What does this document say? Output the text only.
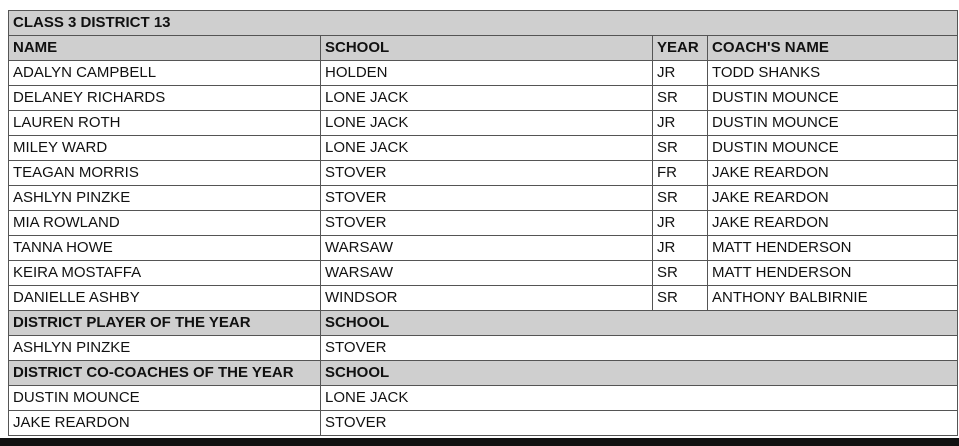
CLASS 3 DISTRICT 13			
NAME	SCHOOL	YEAR	COACH'S NAME
ADALYN CAMPBELL	HOLDEN	JR	TODD SHANKS
DELANEY RICHARDS	LONE JACK	SR	DUSTIN MOUNCE
LAUREN ROTH	LONE JACK	JR	DUSTIN MOUNCE
MILEY WARD	LONE JACK	SR	DUSTIN MOUNCE
TEAGAN MORRIS	STOVER	FR	JAKE REARDON
ASHLYN PINZKE	STOVER	SR	JAKE REARDON
MIA ROWLAND	STOVER	JR	JAKE REARDON
TANNA HOWE	WARSAW	JR	MATT HENDERSON
KEIRA MOSTAFFA	WARSAW	SR	MATT HENDERSON
DANIELLE ASHBY	WINDSOR	SR	ANTHONY BALBIRNIE
DISTRICT PLAYER OF THE YEAR	SCHOOL		
ASHLYN PINZKE	STOVER		
DISTRICT CO-COACHES OF THE YEAR	SCHOOL		
DUSTIN MOUNCE	LONE JACK		
JAKE REARDON	STOVER		
